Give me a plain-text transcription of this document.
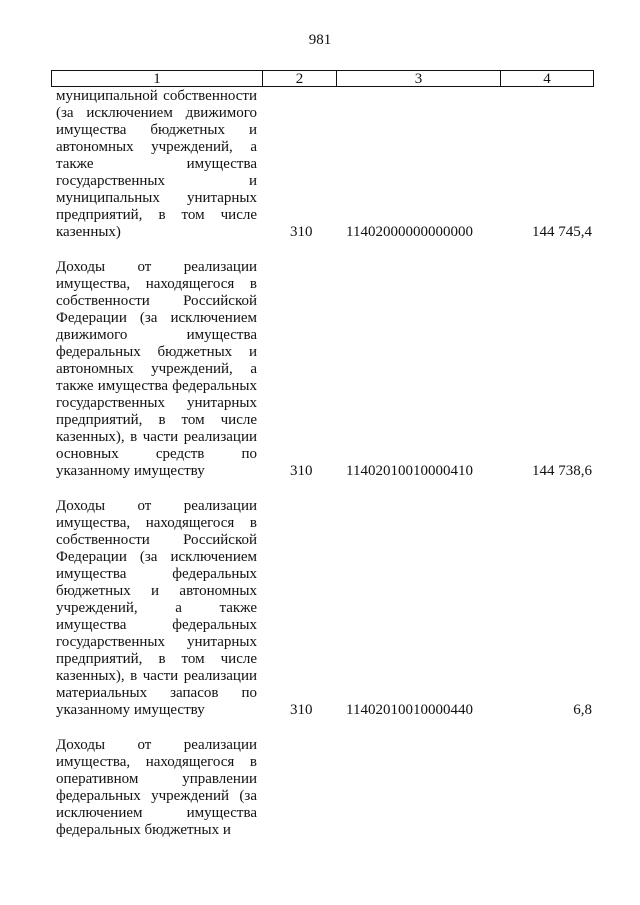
981
1	2	3	4
муниципальной собственности
(за исключением движимого
имущества бюджетных и
автономных учреждений, а
также имущества
государственных и
муниципальных унитарных
предприятий, в том числе
казенных)	310	11402000000000000	144 745,4
Доходы от реализации
имущества, находящегося в
собственности Российской
Федерации (за исключением
движимого имущества
федеральных бюджетных и
автономных учреждений, а
также имущества федеральных
государственных унитарных
предприятий, в том числе
казенных), в части реализации
основных средств по
указанному имуществу	310	11402010010000410	144 738,6
Доходы от реализации
имущества, находящегося в
собственности Российской
Федерации (за исключением
имущества федеральных
бюджетных и автономных
учреждений, а также
имущества федеральных
государственных унитарных
предприятий, в том числе
казенных), в части реализации
материальных запасов по
указанному имуществу	310	11402010010000440	6,8
Доходы от реализации
имущества, находящегося в
оперативном управлении
федеральных учреждений (за
исключением имущества
федеральных бюджетных и
